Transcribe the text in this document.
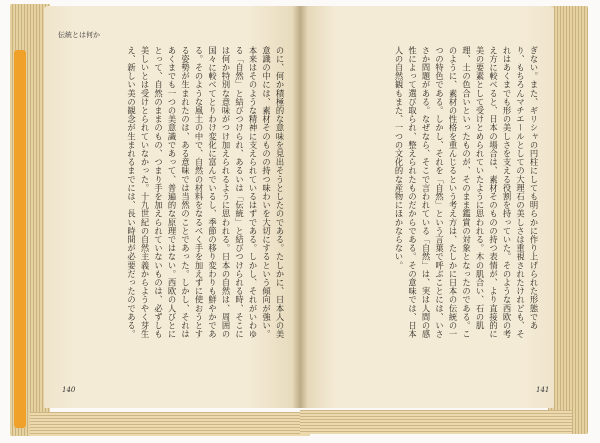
伝統とは何か
のに、何か積極的な意味を見出そうとしたのである。たしかに、日本人の美意識の中には、素材そのものの持つ味わいを大切にするという傾向が強い。本来はそのような精神に支えられているはずである。しかし、それがいわゆる「自然」と結びつけられ、あるいは「伝統」と結びつけられる時、そこには何か特別な意味がつけ加えられるように思われる。日本の自然は、周囲の国々に較べてとりわけ変化に富んでいるし、季節の移り変わりも鮮やかである。そのような風土の中で、自然の材料をなるべく手を加えずに使おうとする姿勢が生まれたのは、ある意味では当然のことであった。しかし、それはあくまでも一つの美意識であって、普遍的な原理ではない。西欧の人びとにとって、自然のままのもの、つまり手を加えられていないものは、必ずしも美しいとは受けとられていなかった。十九世紀の自然主義からようやく芽生え、新しい美の観念が生まれるまでには、長い時間が必要だったのである。	ぎない。また、ギリシャの円柱にしても明らかに作り上げられた形態であり、もちろんマチエールとしての大理石の美しさは重視されたけれども、それはあくまでも形の美しさを支える役割を持っていた。そのような西欧の考え方に較べると、日本の場合は、素材そのものの持つ表情が、より直接的に美の要素として受けとめられていたように思われる。木の肌合い、石の肌理、土の色合いといったものが、そのまま鑑賞の対象となったのである。このように、素材の性格を重んじるという考え方は、たしかに日本の伝統の一つの特色である。しかし、それを「自然」という言葉で呼ぶことには、いささか問題がある。なぜなら、そこで言われている「自然」は、実は人間の感性によって選び取られ、整えられたものだからである。その意味では、日本人の自然観もまた、一つの文化的な産物にほかならない。
140	141
